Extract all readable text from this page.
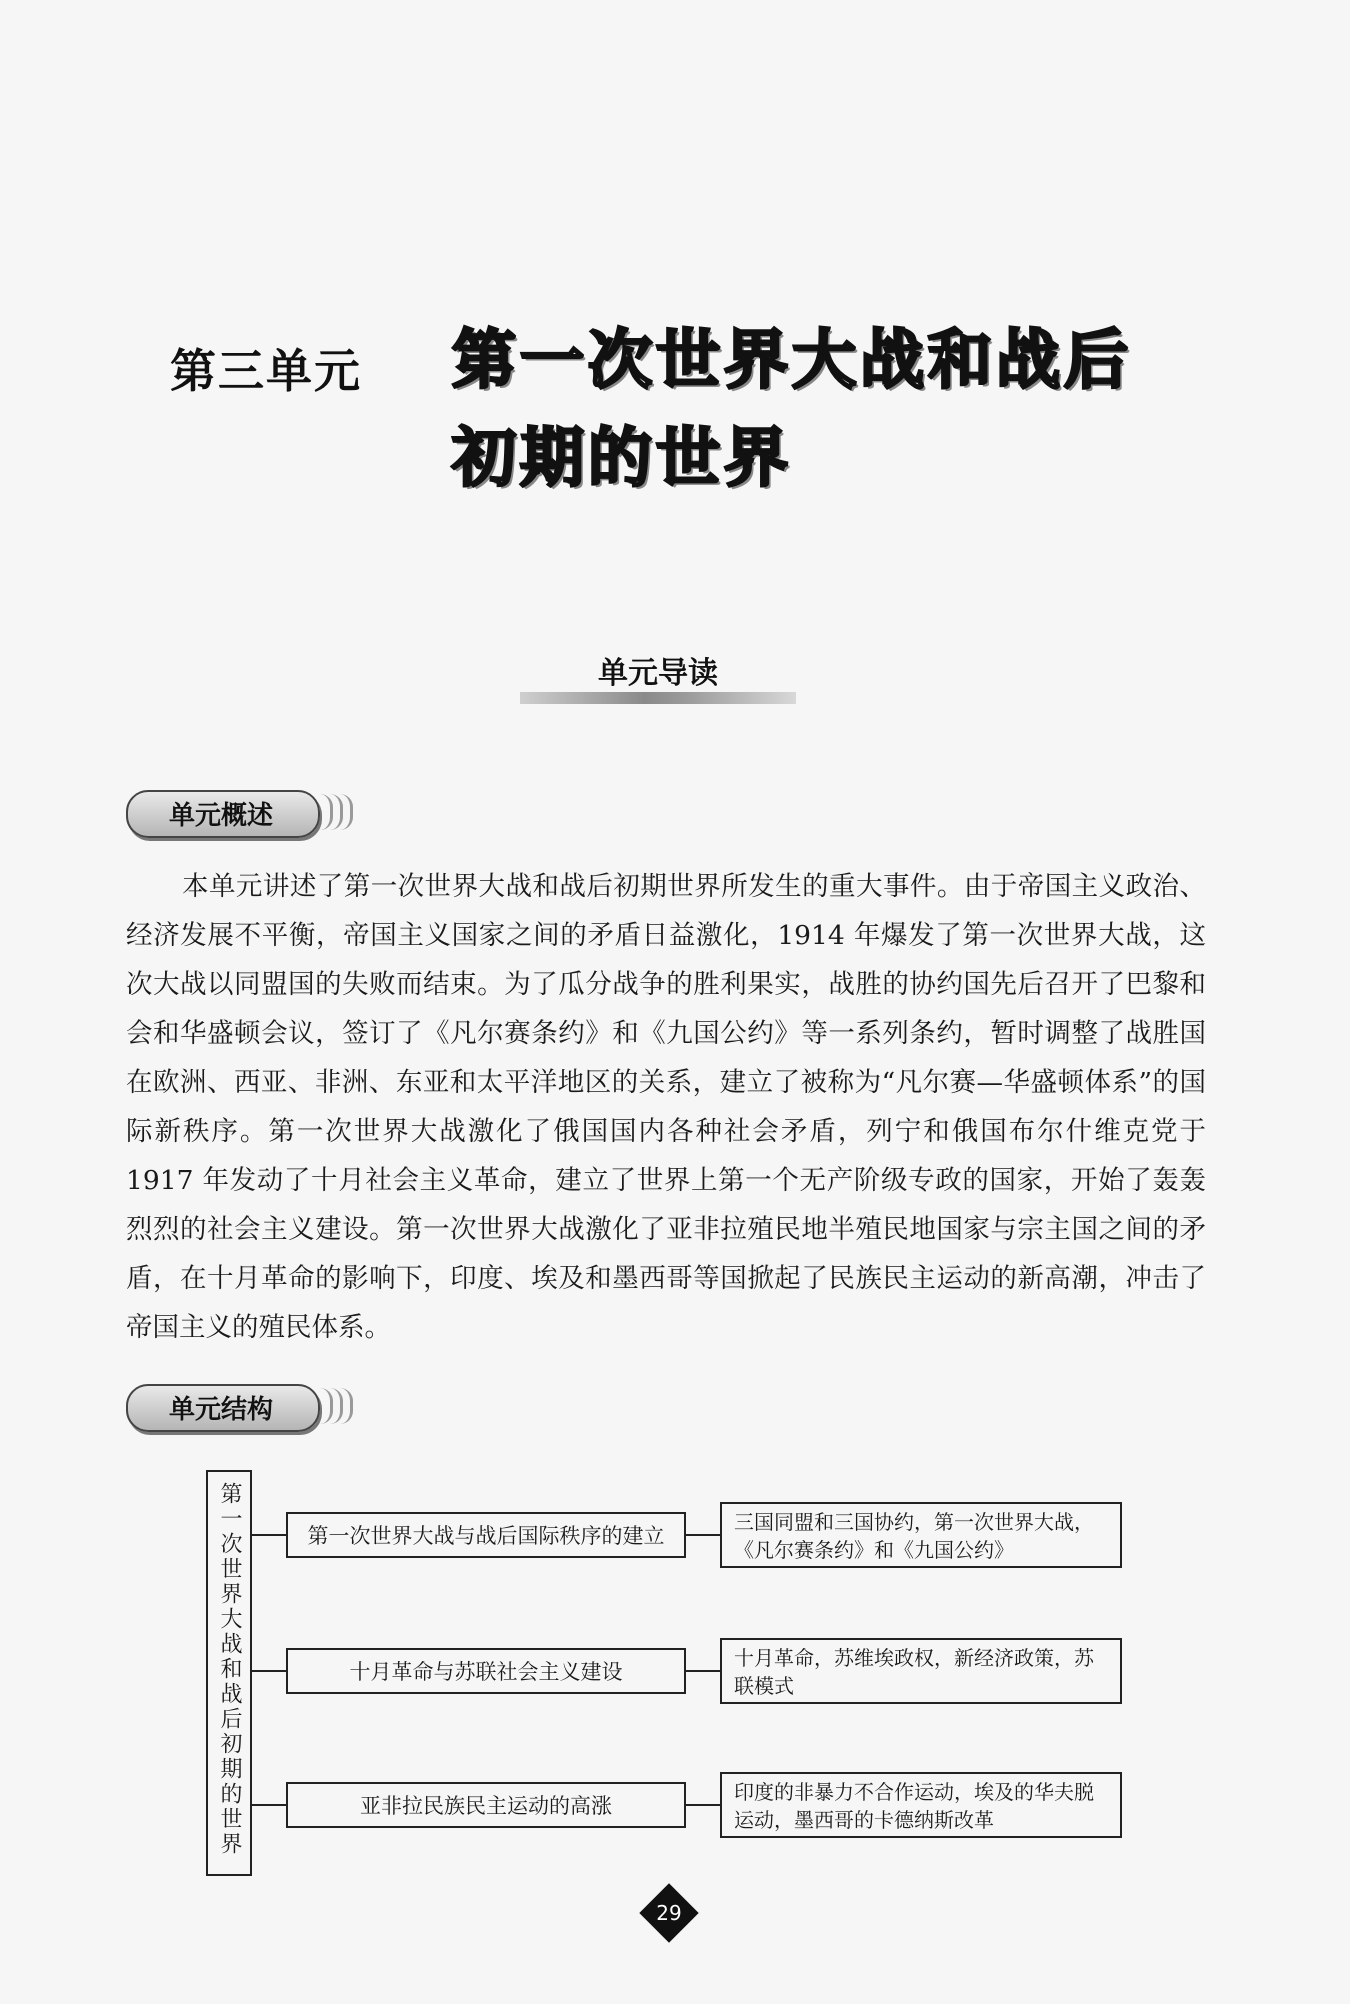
第三单元 第一次世界大战和战后初期的世界
单元导读
单元概述

本单元讲述了第一次世界大战和战后初期世界所发生的重大事件。由于帝国主义政治、经济发展不平衡，帝国主义国家之间的矛盾日益激化，1914 年爆发了第一次世界大战，这次大战以同盟国的失败而结束。为了瓜分战争的胜利果实，战胜的协约国先后召开了巴黎和会和华盛顿会议，签订了《凡尔赛条约》和《九国公约》等一系列条约，暂时调整了战胜国在欧洲、西亚、非洲、东亚和太平洋地区的关系，建立了被称为“凡尔赛—华盛顿体系”的国际新秩序。第一次世界大战激化了俄国国内各种社会矛盾，列宁和俄国布尔什维克党于 1917 年发动了十月社会主义革命，建立了世界上第一个无产阶级专政的国家，开始了轰轰烈烈的社会主义建设。第一次世界大战激化了亚非拉殖民地半殖民地国家与宗主国之间的矛盾，在十月革命的影响下，印度、埃及和墨西哥等国掀起了民族民主运动的新高潮，冲击了帝国主义的殖民体系。

单元结构
第一次世界大战和战后初期的世界	第一次世界大战与战后国际秩序的建立
十月革命与苏联社会主义建设
亚非拉民族民主运动的高涨
三国同盟和三国协约，第一次世界大战，《凡尔赛条约》和《九国公约》
十月革命，苏维埃政权，新经济政策，苏联模式
印度的非暴力不合作运动，埃及的华夫脱运动，墨西哥的卡德纳斯改革
29
